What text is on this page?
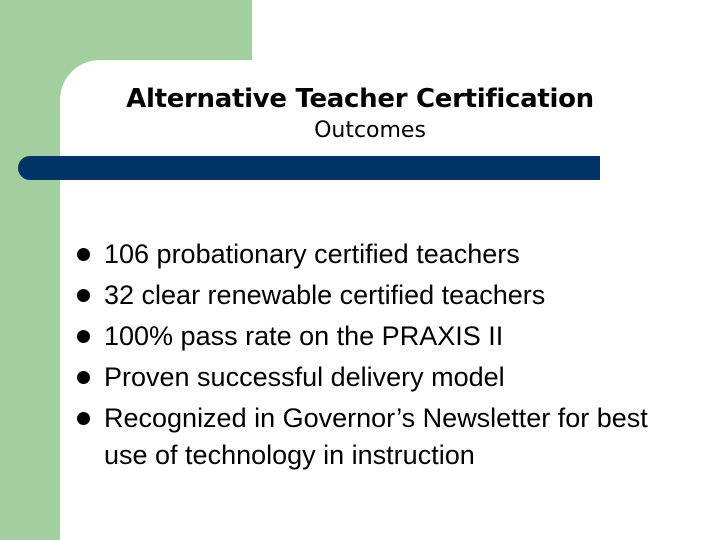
Alternative Teacher Certification
Outcomes
106 probationary certified teachers
32 clear renewable certified teachers
100% pass rate on the PRAXIS II
Proven successful delivery model
Recognized in Governor’s Newsletter for best use of technology in instruction
